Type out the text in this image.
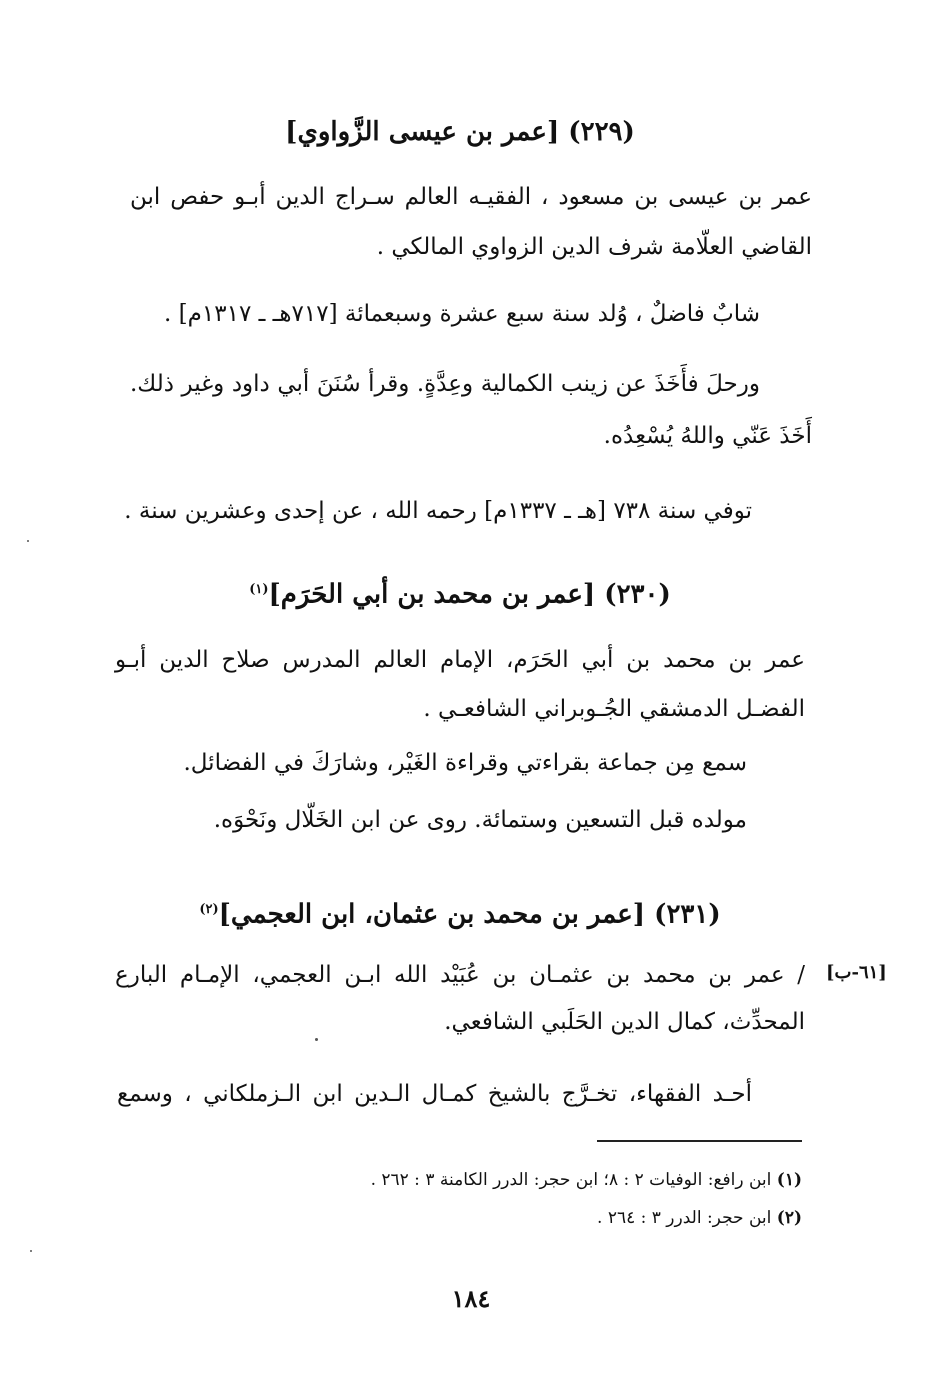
(٢٢٩) [عمر بن عيسى الزَّواوي]
عمر بن عيسى بن مسعود ، الفقيـه العالم سـراج الدين أبـو حفص ابن
القاضي العلّامة شرف الدين الزواوي المالكي .
شابٌ فاضلٌ ، وُلد سنة سبع عشرة وسبعمائة [٧١٧هـ ـ ١٣١٧م] .
ورحلَ فأَخَذَ عن زينب الكمالية وعِدَّةٍ. وقرأ سُنَنَ أبي داود وغير ذلك.
أَخَذَ عَنّي واللهُ يُسْعِدُه.
توفي سنة ٧٣٨ [هـ ـ ١٣٣٧م] رحمه الله ، عن إحدى وعشرين سنة .
(٢٣٠) [عمر بن محمد بن أبي الحَرَم]$^{(١)}$
عمر بن محمد بن أبي الحَرَم، الإمام العالم المدرس صلاح الدين أبـو
الفضـل الدمشقي الجُـوبراني الشافعـي .
سمع مِن جماعة بقراءتي وقراءة الغَيْر، وشارَكَ في الفضائل.
مولده قبل التسعين وستمائة. روى عن ابن الخَلّال ونَحْوَه.
(٢٣١) [عمر بن محمد بن عثمان، ابن العجمي]$^{(٢)}$
[٦١-ب]
/ عمر بن محمد بن عثمـان بن عُبَيْد الله ابـن العجمي، الإمـام البارع
المحدِّث، كمال الدين الحَلَبي الشافعي.
أحـد الفقهاء، تخـرَّج بالشيخ كمـال الـدين ابن الـزملكاني ، وسمع
(١) ابن رافع: الوفيات ٢ : ٨؛ ابن حجر: الدرر الكامنة ٣ : ٢٦٢ .
(٢) ابن حجر: الدرر ٣ : ٢٦٤ .
١٨٤
